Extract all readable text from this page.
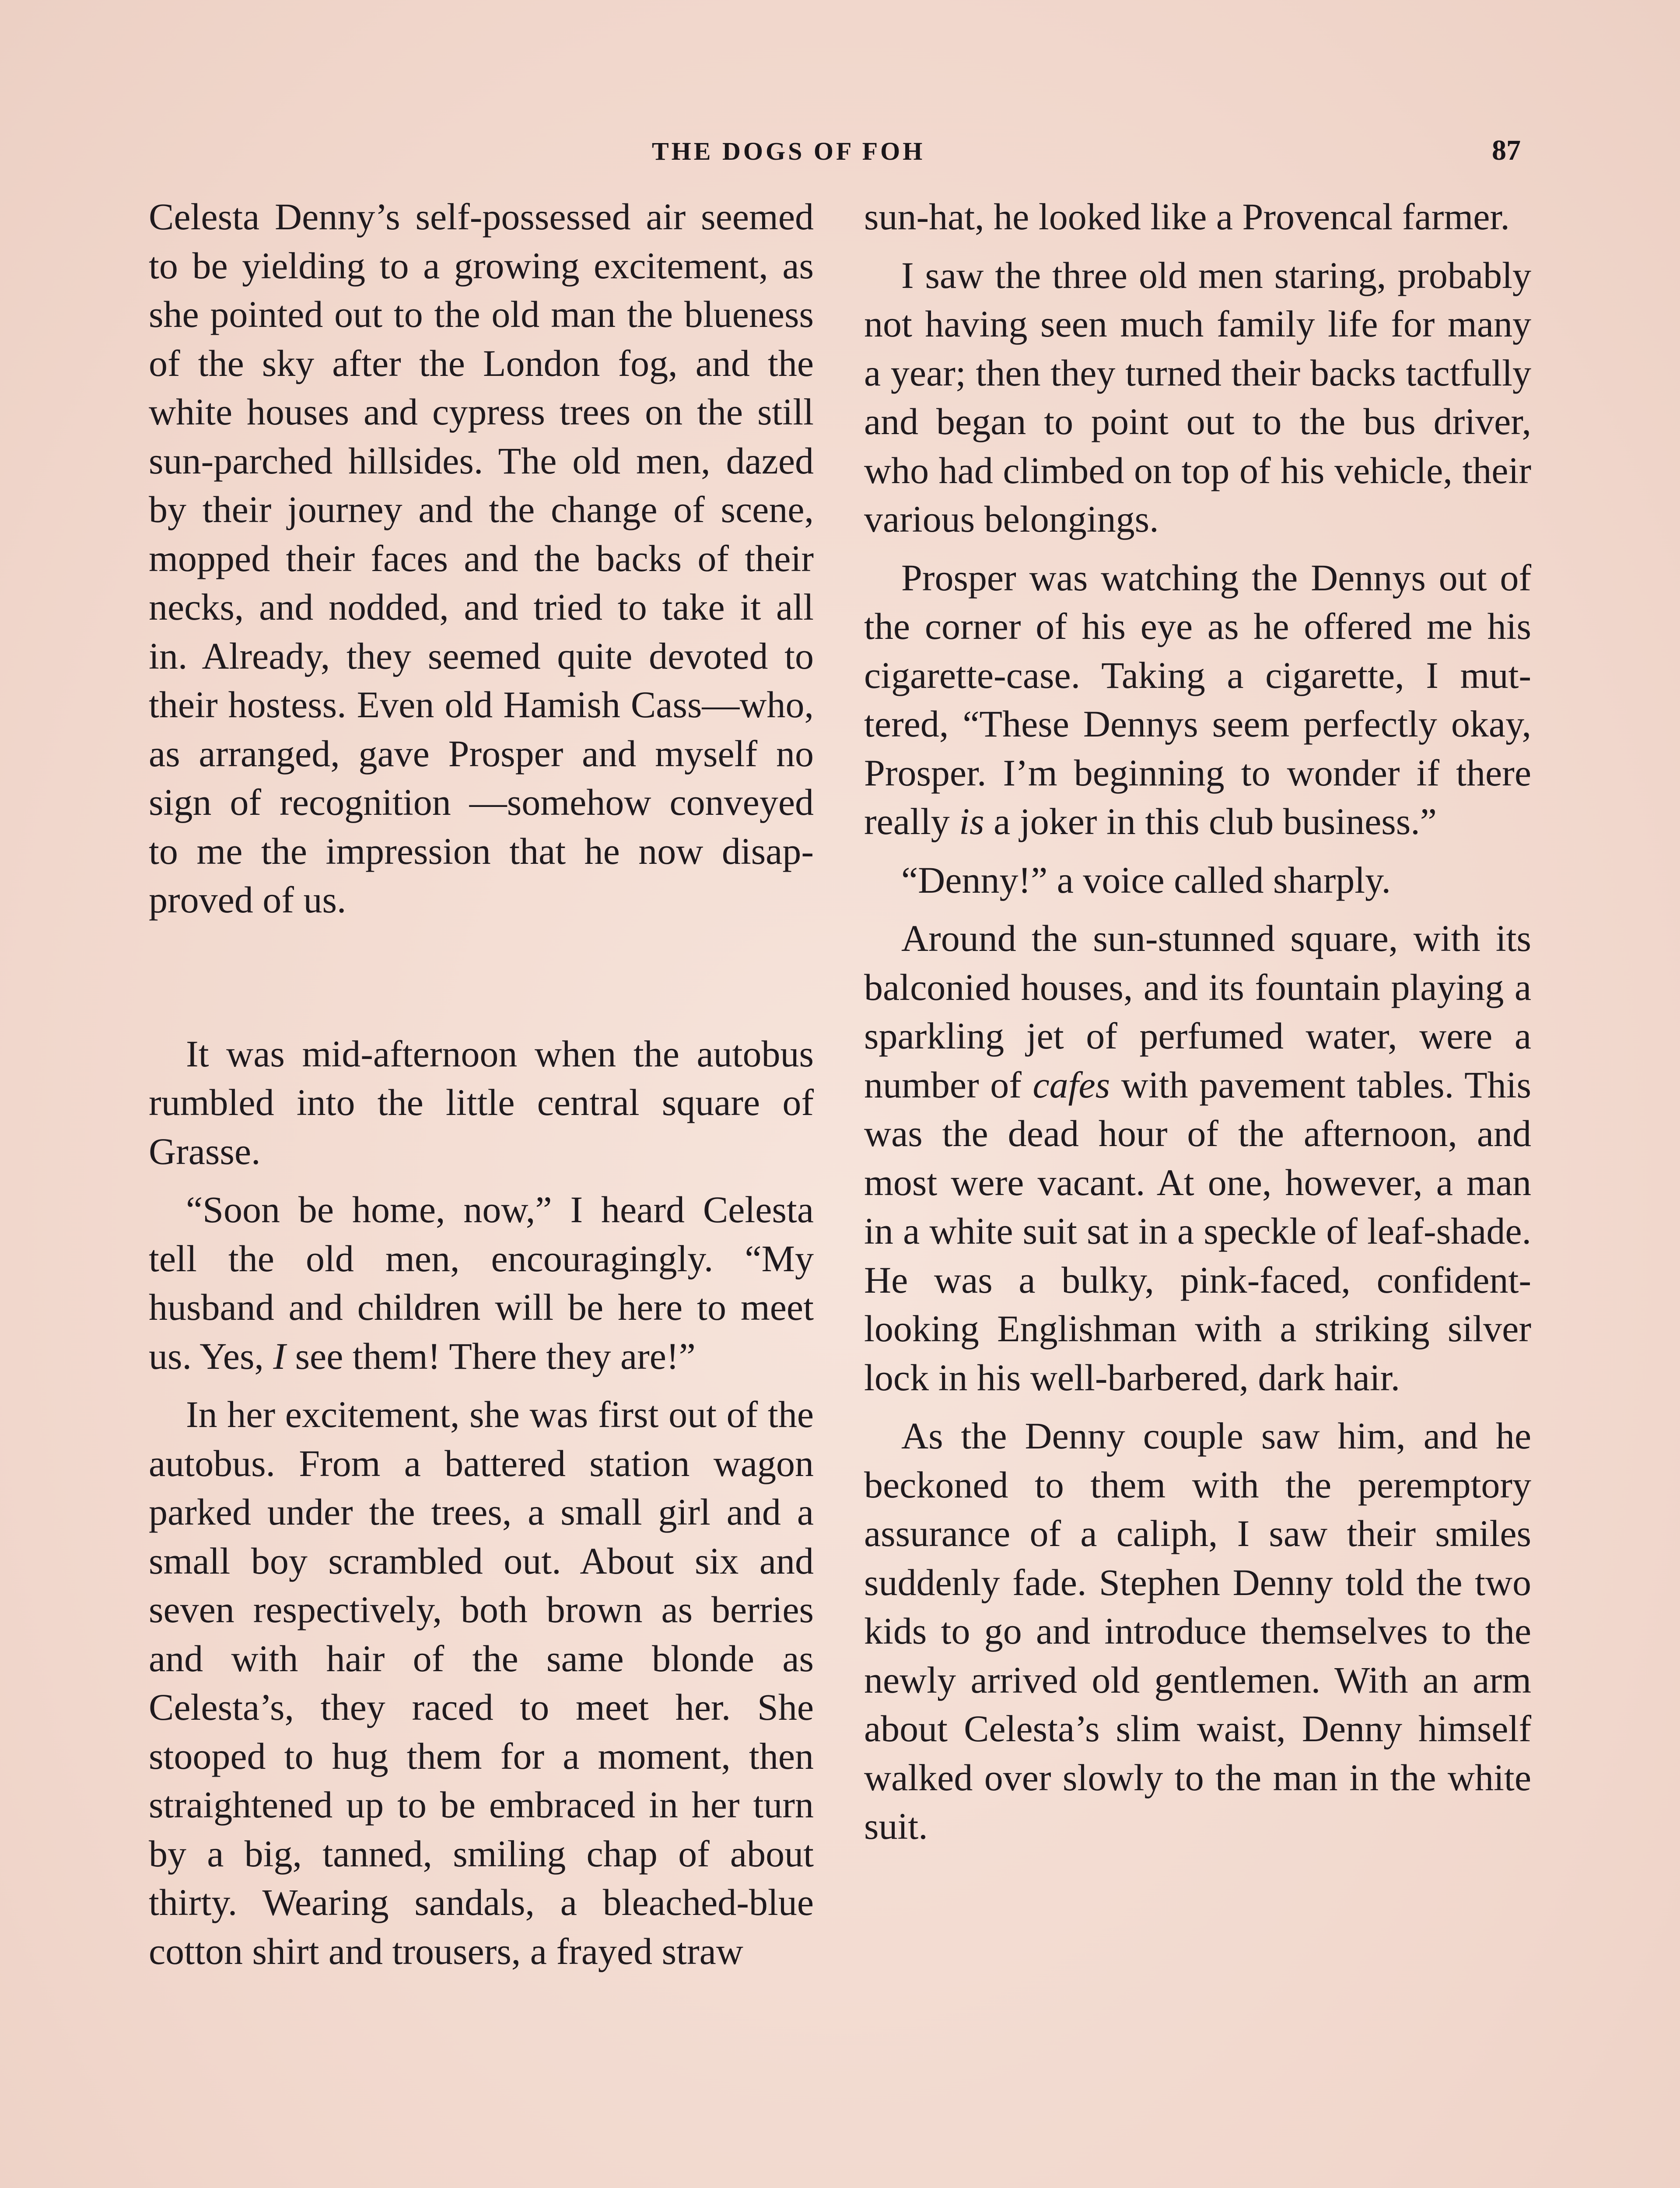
THE DOGS OF FOH	87

Celesta Denny’s self-possessed air seemed to be yielding to a growing excitement, as she pointed out to the old man the blueness of the sky after the London fog, and the white houses and cypress trees on the still sun-parched hillsides. The old men, dazed by their journey and the change of scene, mopped their faces and the backs of their necks, and nodded, and tried to take it all in. Already, they seemed quite devoted to their hostess. Even old Hamish Cass—who, as arranged, gave Prosper and myself no sign of recognition —somehow conveyed to me the impression that he now disapproved of us.

It was mid-afternoon when the autobus rumbled into the little central square of Grasse.

“Soon be home, now,” I heard Celesta tell the old men, encouragingly. “My husband and children will be here to meet us. Yes, I see them! There they are!”

In her excitement, she was first out of the autobus. From a battered station wagon parked under the trees, a small girl and a small boy scrambled out. About six and seven respectively, both brown as berries and with hair of the same blonde as Celesta’s, they raced to meet her. She stooped to hug them for a moment, then straightened up to be embraced in her turn by a big, tanned, smiling chap of about thirty. Wearing sandals, a bleached-blue cotton shirt and trousers, a frayed straw

sun-hat, he looked like a Provencal farmer.

I saw the three old men staring, probably not having seen much family life for many a year; then they turned their backs tactfully and began to point out to the bus driver, who had climbed on top of his vehicle, their various belongings.

Prosper was watching the Dennys out of the corner of his eye as he offered me his cigarette-case. Taking a cigarette, I muttered, “These Dennys seem perfectly okay, Prosper. I’m beginning to wonder if there really is a joker in this club business.”

“Denny!” a voice called sharply.

Around the sun-stunned square, with its balconied houses, and its fountain playing a sparkling jet of perfumed water, were a number of cafes with pavement tables. This was the dead hour of the afternoon, and most were vacant. At one, however, a man in a white suit sat in a speckle of leaf-shade. He was a bulky, pink-faced, confident-looking Englishman with a striking silver lock in his well-barbered, dark hair.

As the Denny couple saw him, and he beckoned to them with the peremptory assurance of a caliph, I saw their smiles suddenly fade. Stephen Denny told the two kids to go and introduce themselves to the newly arrived old gentlemen. With an arm about Celesta’s slim waist, Denny himself walked over slowly to the man in the white suit.
